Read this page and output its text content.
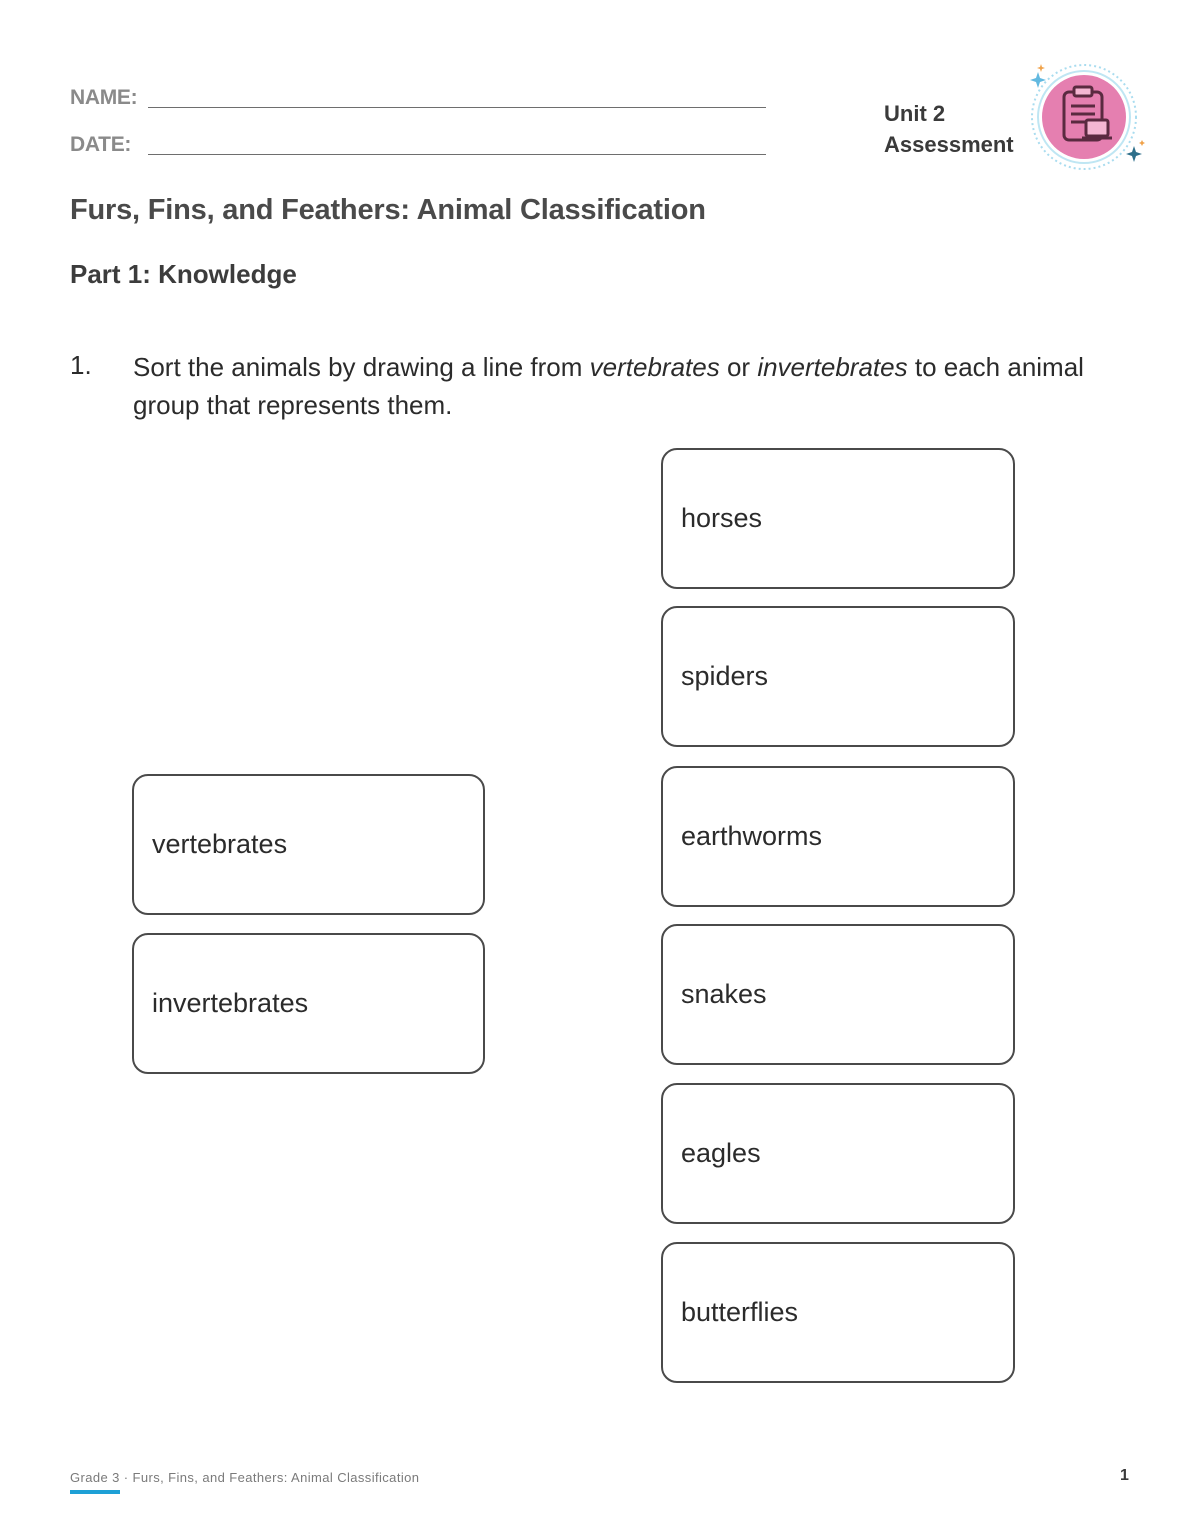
NAME:
DATE:
Unit 2
Assessment
Furs, Fins, and Feathers: Animal Classification
Part 1: Knowledge
1. Sort the animals by drawing a line from vertebrates or invertebrates to each animal group that represents them.
vertebrates
invertebrates
horses
spiders
earthworms
snakes
eagles
butterflies
Grade 3 · Furs, Fins, and Feathers: Animal Classification	1
